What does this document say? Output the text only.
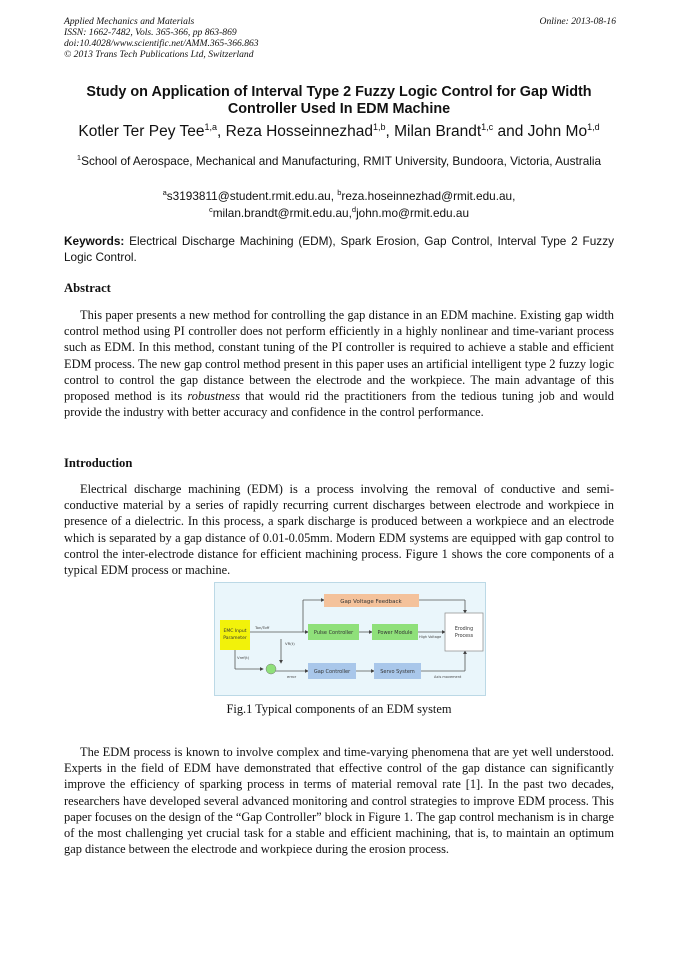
Applied Mechanics and Materials
ISSN: 1662-7482, Vols. 365-366, pp 863-869
doi:10.4028/www.scientific.net/AMM.365-366.863
© 2013 Trans Tech Publications Ltd, Switzerland
Online: 2013-08-16
Study on Application of Interval Type 2 Fuzzy Logic Control for Gap Width Controller Used In EDM Machine
Kotler Ter Pey Tee$^{1,a}$, Reza Hosseinnezhad$^{1,b}$, Milan Brandt$^{1,c}$ and John Mo$^{1,d}$
$^1$School of Aerospace, Mechanical and Manufacturing, RMIT University, Bundoora, Victoria, Australia
$^a$s3193811@student.rmit.edu.au, $^b$reza.hoseinnezhad@rmit.edu.au,
$^c$milan.brandt@rmit.edu.au,$^d$john.mo@rmit.edu.au
Keywords: Electrical Discharge Machining (EDM), Spark Erosion, Gap Control, Interval Type 2 Fuzzy Logic Control.
Abstract
This paper presents a new method for controlling the gap distance in an EDM machine. Existing gap width control method using PI controller does not perform efficiently in a highly nonlinear and time-variant process such as EDM. In this method, constant tuning of the PI controller is required to achieve a stable and efficient EDM process. The new gap control method present in this paper uses an artificial intelligent type 2 fuzzy logic control to control the gap distance between the electrode and the workpiece. The main advantage of this proposed method is its robustness that would rid the practitioners from the tedious tuning job and would provide the industry with better accuracy and confidence in the control performance.
Introduction
Electrical discharge machining (EDM) is a process involving the removal of conductive and semi-conductive material by a series of rapidly recurring current discharges between electrode and workpiece in presence of a dielectric. In this process, a spark discharge is produced between a workpiece and an electrode which is separated by a gap distance of 0.01-0.05mm. Modern EDM systems are equipped with gap control to control the inter-electrode distance for efficient machining process. Figure 1 shows the core components of a typical EDM process or machine.
Gap Voltage Feedback
EMC Input
Parameter
Pulse Controller	Power Module
Eroding
Process
Gap Controller	Servo System
Ton/Toff
VR(t)
Vref(t)
High Voltage
error	Axis movement
Fig.1 Typical components of an EDM system
The EDM process is known to involve complex and time-varying phenomena that are yet well understood. Experts in the field of EDM have demonstrated that effective control of the gap distance can significantly improve the efficiency of sparking process in terms of material removal rate [1]. In the past two decades, researchers have developed several advanced monitoring and control strategies to improve EDM process. This paper focuses on the design of the “Gap Controller” block in Figure 1. The gap control mechanism is in charge of the most challenging yet crucial task for a stable and efficient machining, that is, to maintain an optimum gap distance between the electrode and workpiece during the erosion process.
